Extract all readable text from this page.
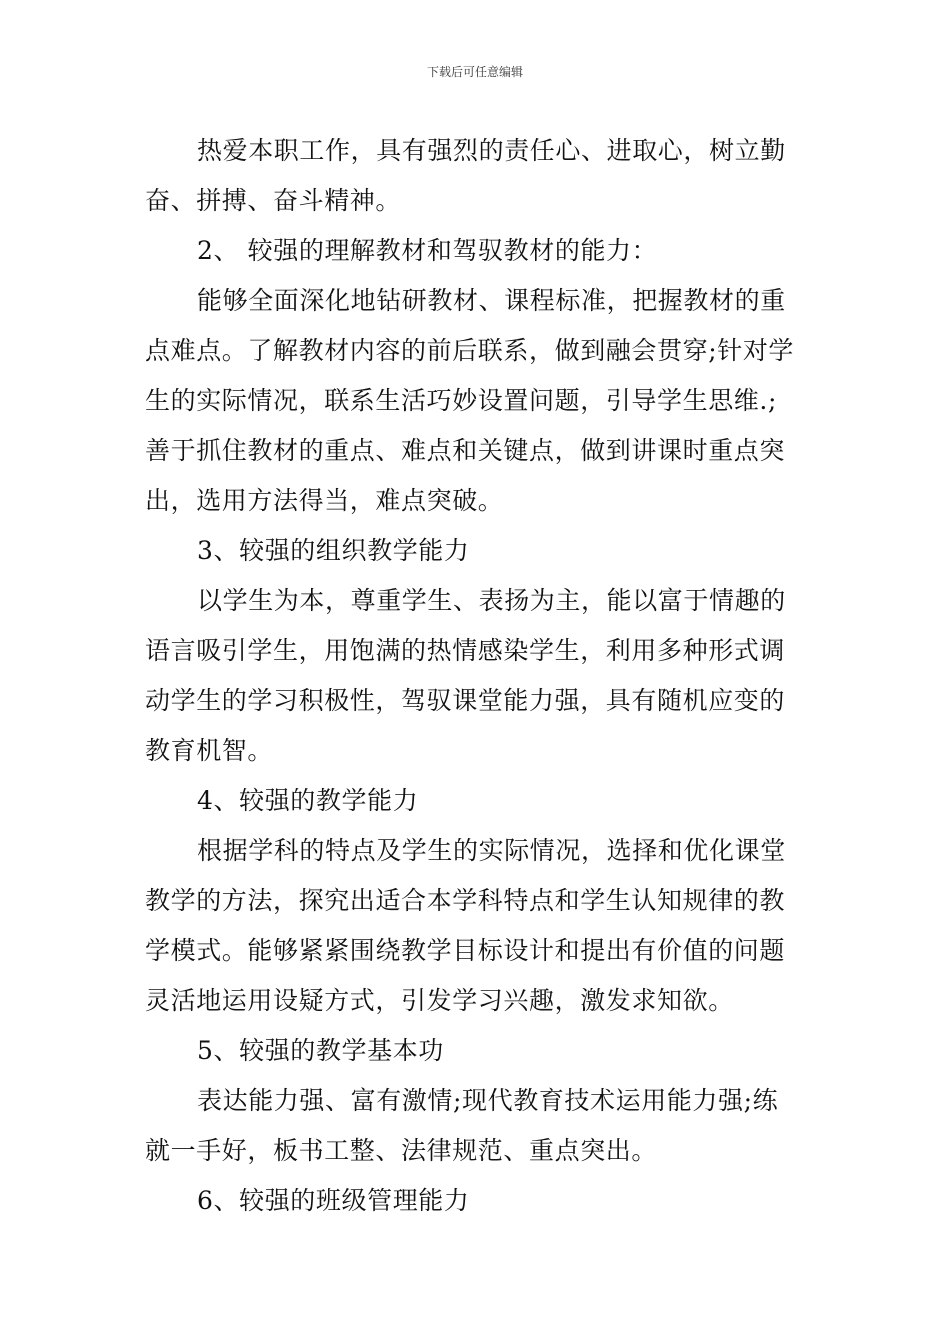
下载后可任意编辑
热爱本职工作，具有强烈的责任心、进取心，树立勤
奋、拼搏、奋斗精神。
2、 较强的理解教材和驾驭教材的能力：
能够全面深化地钻研教材、课程标准，把握教材的重
点难点。了解教材内容的前后联系，做到融会贯穿;针对学
生的实际情况，联系生活巧妙设置问题，引导学生思维.;
善于抓住教材的重点、难点和关键点，做到讲课时重点突
出，选用方法得当，难点突破。
3、较强的组织教学能力
以学生为本，尊重学生、表扬为主，能以富于情趣的
语言吸引学生，用饱满的热情感染学生，利用多种形式调
动学生的学习积极性，驾驭课堂能力强，具有随机应变的
教育机智。
4、较强的教学能力
根据学科的特点及学生的实际情况，选择和优化课堂
教学的方法，探究出适合本学科特点和学生认知规律的教
学模式。能够紧紧围绕教学目标设计和提出有价值的问题
灵活地运用设疑方式，引发学习兴趣，激发求知欲。
5、较强的教学基本功
表达能力强、富有激情;现代教育技术运用能力强;练
就一手好，板书工整、法律规范、重点突出。
6、较强的班级管理能力
